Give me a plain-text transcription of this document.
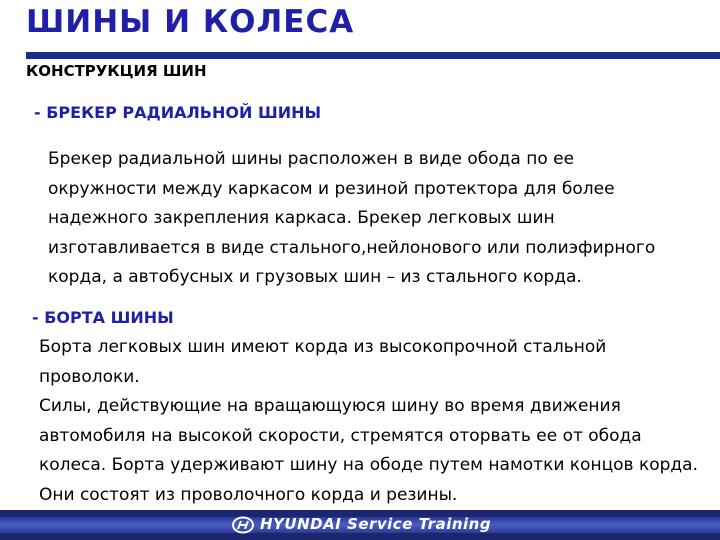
ШИНЫ И КОЛЕСА
КОНСТРУКЦИЯ ШИН
- БРЕКЕР РАДИАЛЬНОЙ ШИНЫ

Брекер радиальной шины расположен в виде обода по ее окружности между каркасом и резиной протектора для более надежного закрепления каркаса. Брекер легковых шин изготавливается в виде стального,нейлонового или полиэфирного корда, а автобусных и грузовых шин – из стального корда.

- БОРТА ШИНЫ

Борта легковых шин имеют корда из высокопрочной стальной проволоки.

Силы, действующие на вращающуюся шину во время движения автомобиля на высокой скорости, стремятся оторвать ее от обода колеса. Борта удерживают шину на ободе путем намотки концов корда. Они состоят из проволочного корда и резины.

HYUNDAI Service Training
